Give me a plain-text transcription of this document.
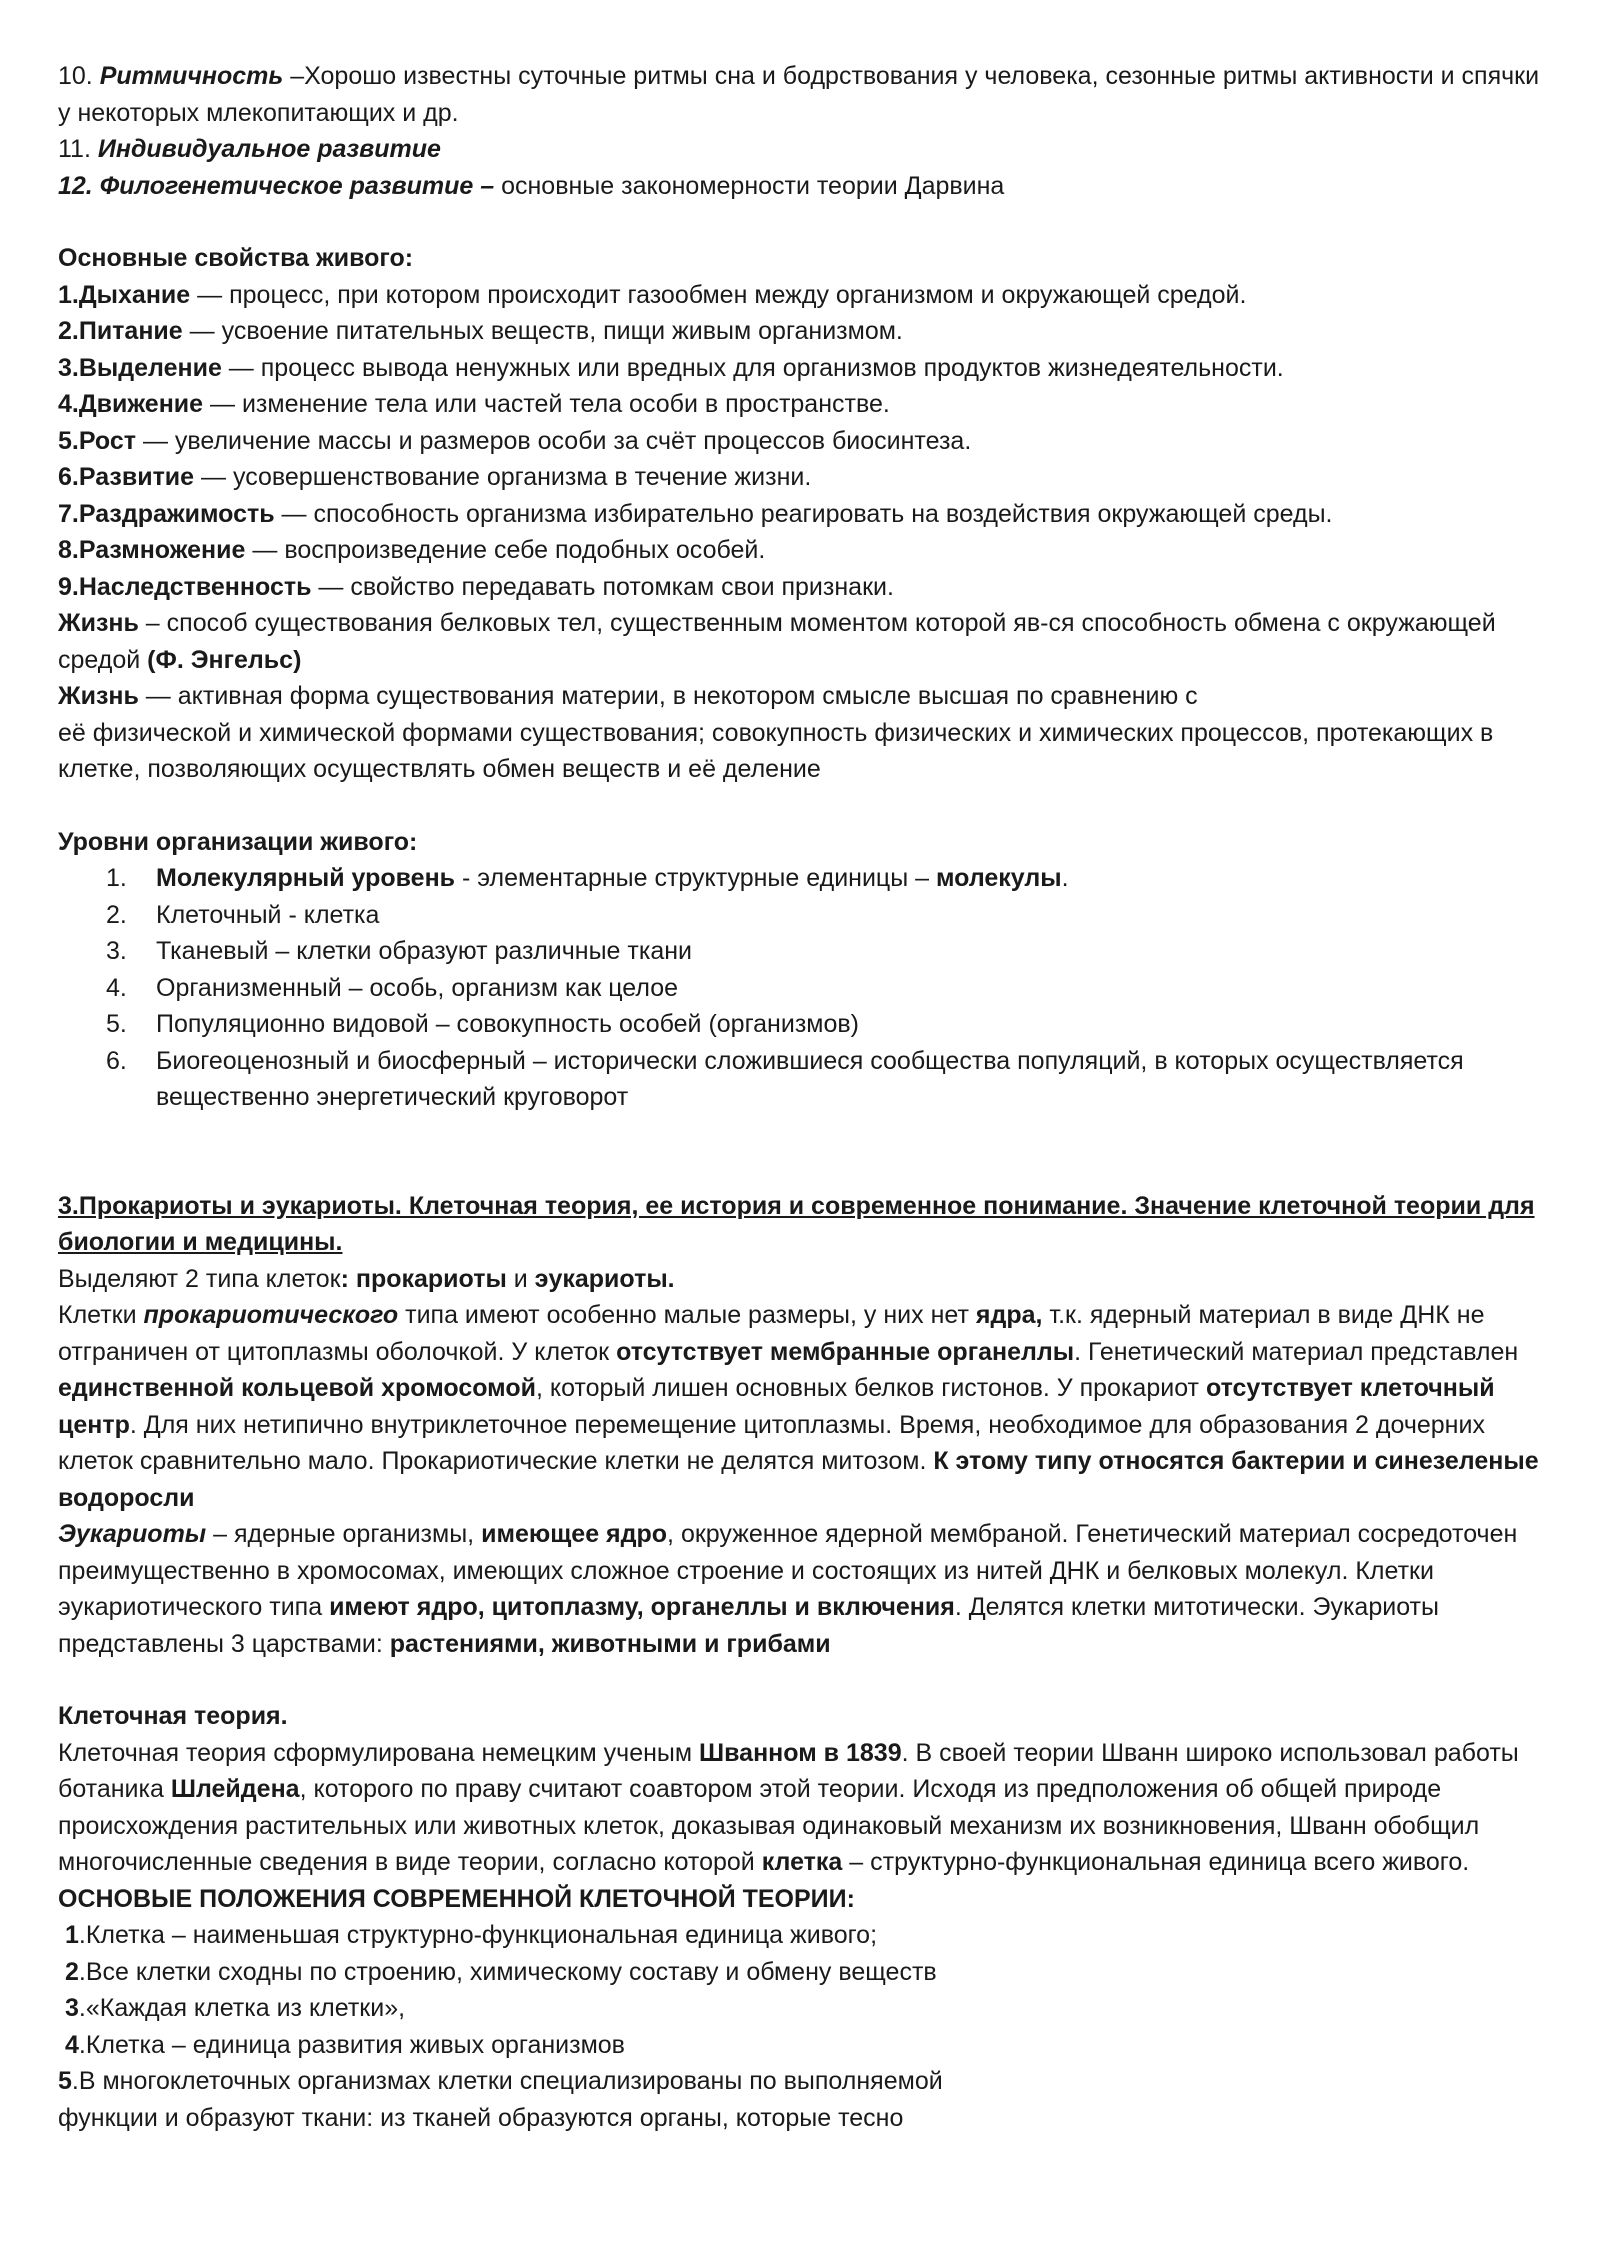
10. Ритмичность –Хорошо известны суточные ритмы сна и бодрствования у человека, сезонные ритмы активности и спячки у некоторых млекопитающих и др.

11. Индивидуальное развитие

12. Филогенетическое развитие – основные закономерности теории Дарвина

Основные свойства живого:

1.Дыхание — процесс, при котором происходит газообмен между организмом и окружающей средой.

2.Питание — усвоение питательных веществ, пищи живым организмом.

3.Выделение — процесс вывода ненужных или вредных для организмов продуктов жизнедеятельности.

4.Движение — изменение тела или частей тела особи в пространстве.

5.Рост — увеличение массы и размеров особи за счёт процессов биосинтеза.

6.Развитие — усовершенствование организма в течение жизни.

7.Раздражимость — способность организма избирательно реагировать на воздействия окружающей среды.

8.Размножение — воспроизведение себе подобных особей.

9.Наследственность — свойство передавать потомкам свои признаки.

Жизнь – способ существования белковых тел, существенным моментом которой яв-ся способность обмена с окружающей средой (Ф. Энгельс)

Жизнь — активная форма существования материи, в некотором смысле высшая по сравнению с
её физической и химической формами существования; совокупность физических и химических процессов, протекающих в клетке, позволяющих осуществлять обмен веществ и её деление

Уровни организации живого:

1.	Молекулярный уровень - элементарные структурные единицы – молекулы.
2.	Клеточный - клетка
3.	Тканевый – клетки образуют различные ткани
4.	Организменный – особь, организм как целое
5.	Популяционно видовой – совокупность особей (организмов)
6.	Биогеоценозный и биосферный – исторически сложившиеся сообщества популяций, в которых осуществляется вещественно энергетический круговорот

3.Прокариоты и эукариоты. Клеточная теория, ее история и современное понимание. Значение клеточной теории для биологии и медицины.

Выделяют 2 типа клеток: прокариоты и эукариоты.

Клетки прокариотического типа имеют особенно малые размеры, у них нет ядра, т.к. ядерный материал в виде ДНК не отграничен от цитоплазмы оболочкой. У клеток отсутствует мембранные органеллы. Генетический материал представлен единственной кольцевой хромосомой, который лишен основных белков гистонов. У прокариот отсутствует клеточный центр. Для них нетипично внутриклеточное перемещение цитоплазмы. Время, необходимое для образования 2 дочерних клеток сравнительно мало. Прокариотические клетки не делятся митозом. К этому типу относятся бактерии и синезеленые водоросли

Эукариоты – ядерные организмы, имеющее ядро, окруженное ядерной мембраной. Генетический материал сосредоточен преимущественно в хромосомах, имеющих сложное строение и состоящих из нитей ДНК и белковых молекул. Клетки эукариотического типа имеют ядро, цитоплазму, органеллы и включения. Делятся клетки митотически. Эукариоты представлены 3 царствами: растениями, животными и грибами

Клеточная теория.

Клеточная теория сформулирована немецким ученым Шванном в 1839. В своей теории Шванн широко использовал работы ботаника Шлейдена, которого по праву считают соавтором этой теории. Исходя из предположения об общей природе происхождения растительных или животных клеток, доказывая одинаковый механизм их возникновения, Шванн обобщил многочисленные сведения в виде теории, согласно которой клетка – структурно-функциональная единица всего живого.

ОСНОВЫЕ ПОЛОЖЕНИЯ СОВРЕМЕННОЙ КЛЕТОЧНОЙ ТЕОРИИ:

1.Клетка – наименьшая структурно-функциональная единица живого;

2.Все клетки сходны по строению, химическому составу и обмену веществ

3.«Каждая клетка из клетки»,

4.Клетка – единица развития живых организмов

5.В многоклеточных организмах клетки специализированы по выполняемой
функции и образуют ткани: из тканей образуются органы, которые тесно
